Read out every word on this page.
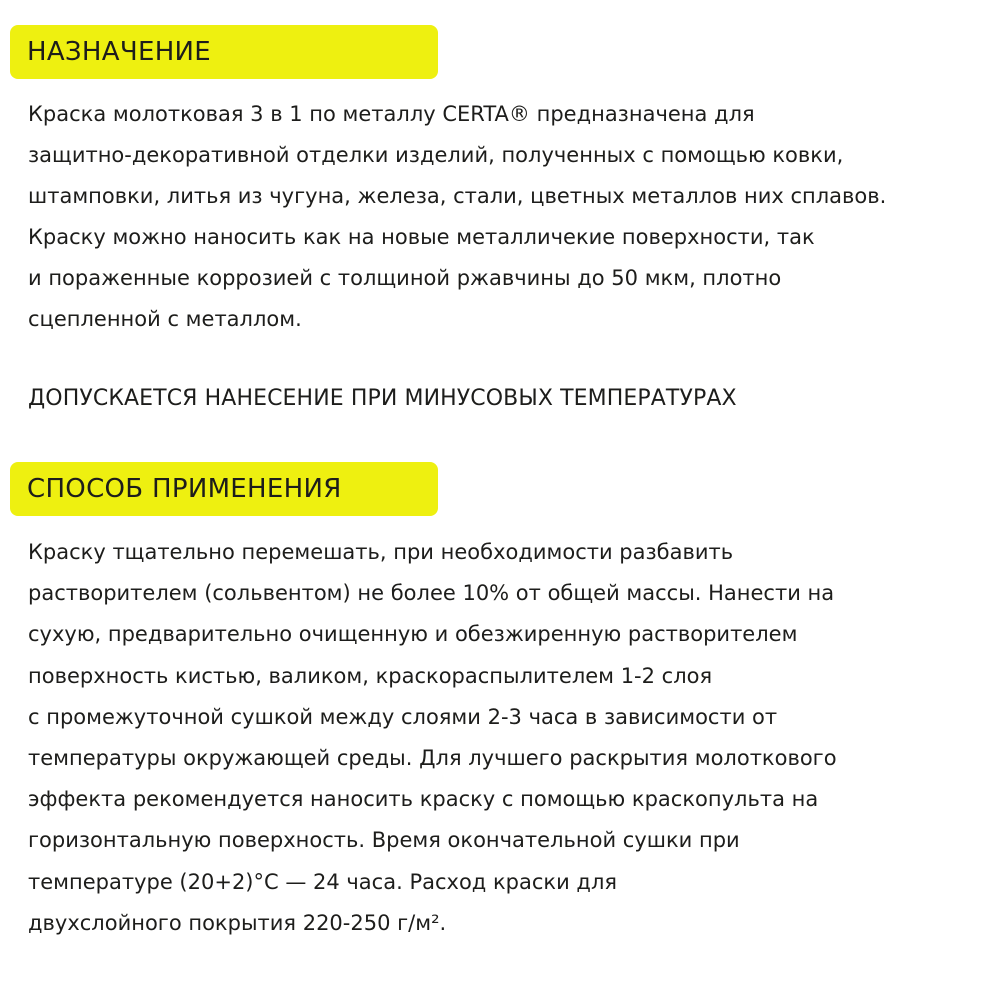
НАЗНАЧЕНИЕ
Краска молотковая 3 в 1 по металлу CERTA® предназначена для
защитно-декоративной отделки изделий, полученных с помощью ковки,
штамповки, литья из чугуна, железа, стали, цветных металлов них сплавов.
Краску можно наносить как на новые металличекие поверхности, так
и пораженные коррозией с толщиной ржавчины до 50 мкм, плотно
сцепленной с металлом.
ДОПУСКАЕТСЯ НАНЕСЕНИЕ ПРИ МИНУСОВЫХ ТЕМПЕРАТУРАХ
СПОСОБ ПРИМЕНЕНИЯ
Краску тщательно перемешать, при необходимости разбавить
растворителем (сольвентом) не более 10% от общей массы. Нанести на
сухую, предварительно очищенную и обезжиренную растворителем
поверхность кистью, валиком, краскораспылителем 1-2 слоя
с промежуточной сушкой между слоями 2-3 часа в зависимости от
температуры окружающей среды. Для лучшего раскрытия молоткового
эффекта рекомендуется наносить краску с помощью краскопульта на
горизонтальную поверхность. Время окончательной сушки при
температуре (20+2)°C — 24 часа. Расход краски для
двухслойного покрытия 220-250 г/м².
